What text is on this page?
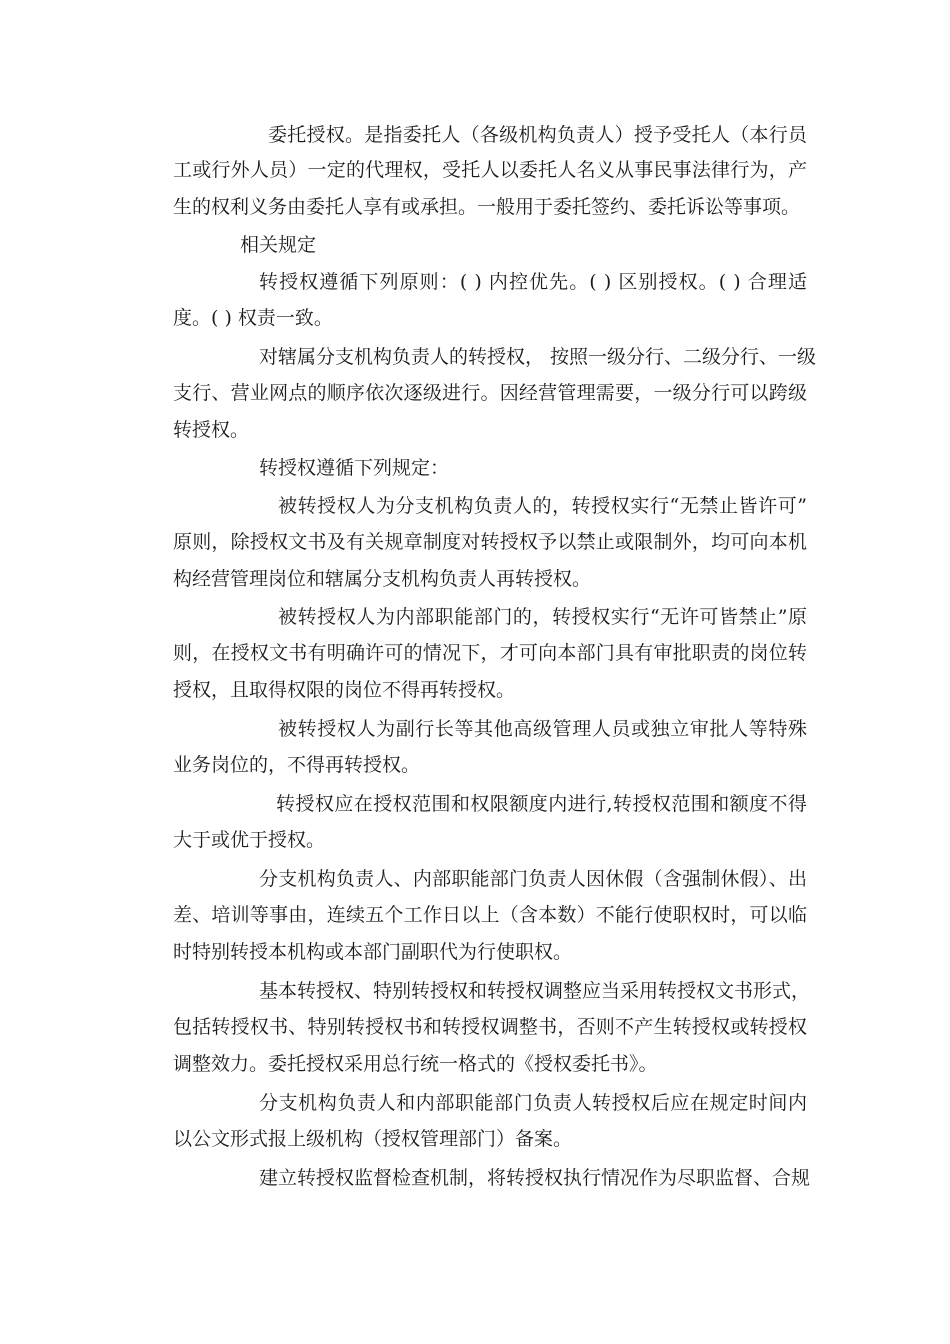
委托授权。是指委托人（各级机构负责人）授予受托人（本行员
工或行外人员）一定的代理权，受托人以委托人名义从事民事法律行为，产
生的权利义务由委托人享有或承担。一般用于委托签约、委托诉讼等事项。
相关规定
转授权遵循下列原则：( ) 内控优先。( ) 区别授权。( ) 合理适
度。( ) 权责一致。
对辖属分支机构负责人的转授权， 按照一级分行、二级分行、一级
支行、营业网点的顺序依次逐级进行。因经营管理需要，一级分行可以跨级
转授权。
转授权遵循下列规定：
被转授权人为分支机构负责人的，转授权实行“无禁止皆许可”
原则，除授权文书及有关规章制度对转授权予以禁止或限制外，均可向本机
构经营管理岗位和辖属分支机构负责人再转授权。
被转授权人为内部职能部门的，转授权实行“无许可皆禁止”原
则，在授权文书有明确许可的情况下，才可向本部门具有审批职责的岗位转
授权，且取得权限的岗位不得再转授权。
被转授权人为副行长等其他高级管理人员或独立审批人等特殊
业务岗位的，不得再转授权。
转授权应在授权范围和权限额度内进行,转授权范围和额度不得
大于或优于授权。
分支机构负责人、内部职能部门负责人因休假（含强制休假）、出
差、培训等事由，连续五个工作日以上（含本数）不能行使职权时，可以临
时特别转授本机构或本部门副职代为行使职权。
基本转授权、特别转授权和转授权调整应当采用转授权文书形式，
包括转授权书、特别转授权书和转授权调整书，否则不产生转授权或转授权
调整效力。委托授权采用总行统一格式的《授权委托书》。
分支机构负责人和内部职能部门负责人转授权后应在规定时间内
以公文形式报上级机构（授权管理部门）备案。
建立转授权监督检查机制，将转授权执行情况作为尽职监督、合规
